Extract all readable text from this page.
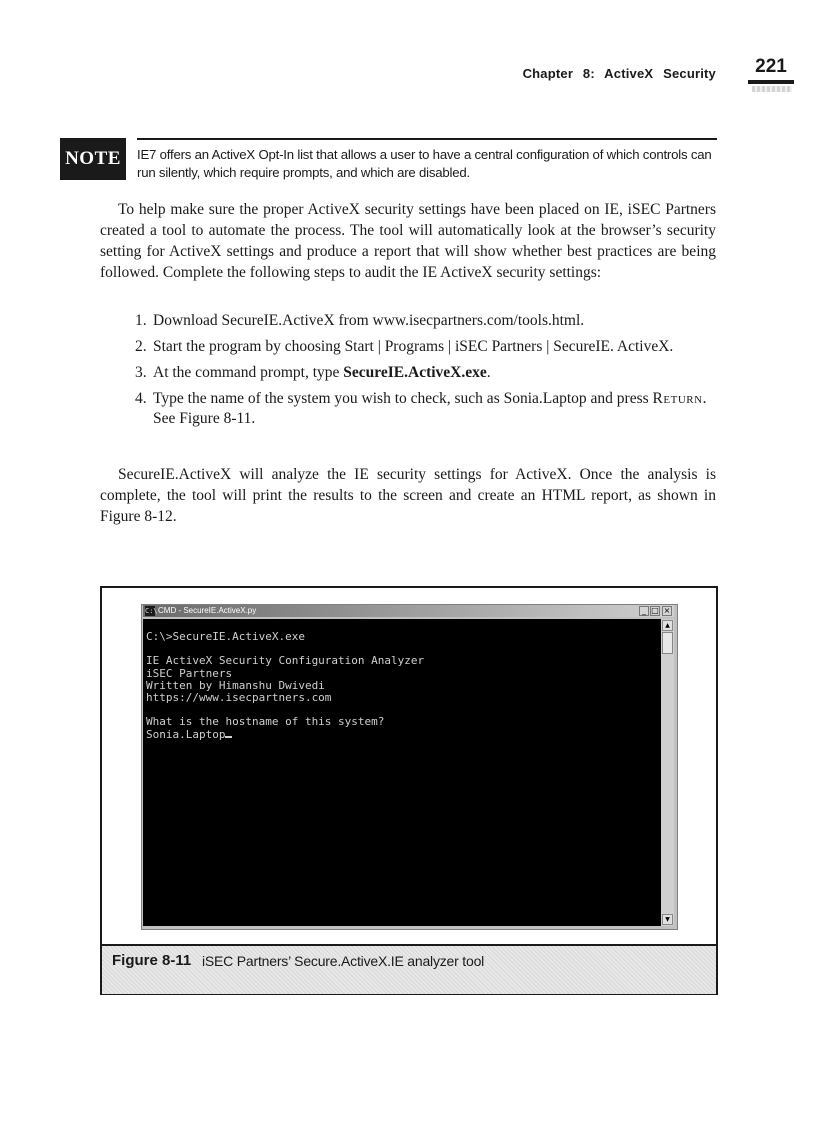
Chapter 8: ActiveX Security	221
NOTE	IE7 offers an ActiveX Opt-In list that allows a user to have a central configuration of which controls can run silently, which require prompts, and which are disabled.

To help make sure the proper ActiveX security settings have been placed on IE, iSEC Partners created a tool to automate the process. The tool will automatically look at the browser’s security setting for ActiveX settings and produce a report that will show whether best practices are being followed. Complete the following steps to audit the IE ActiveX security settings:

1. Download SecureIE.ActiveX from www.isecpartners.com/tools.html.
2. Start the program by choosing Start | Programs | iSEC Partners | SecureIE. ActiveX.
3. At the command prompt, type SecureIE.ActiveX.exe.
4. Type the name of the system you wish to check, such as Sonia.Laptop and press Return. See Figure 8-11.

SecureIE.ActiveX will analyze the IE security settings for ActiveX. Once the analysis is complete, the tool will print the results to the screen and create an HTML report, as shown in Figure 8-12.

C:\ CMD - SecureIE.ActiveX.py	_ □ ×
C:\>SecureIE.ActiveX.exe

IE ActiveX Security Configuration Analyzer
iSEC Partners
Written by Himanshu Dwivedi
https://www.isecpartners.com

What is the hostname of this system?
Sonia.Laptop
▲
▼
Figure 8-11 iSEC Partners’ Secure.ActiveX.IE analyzer tool
